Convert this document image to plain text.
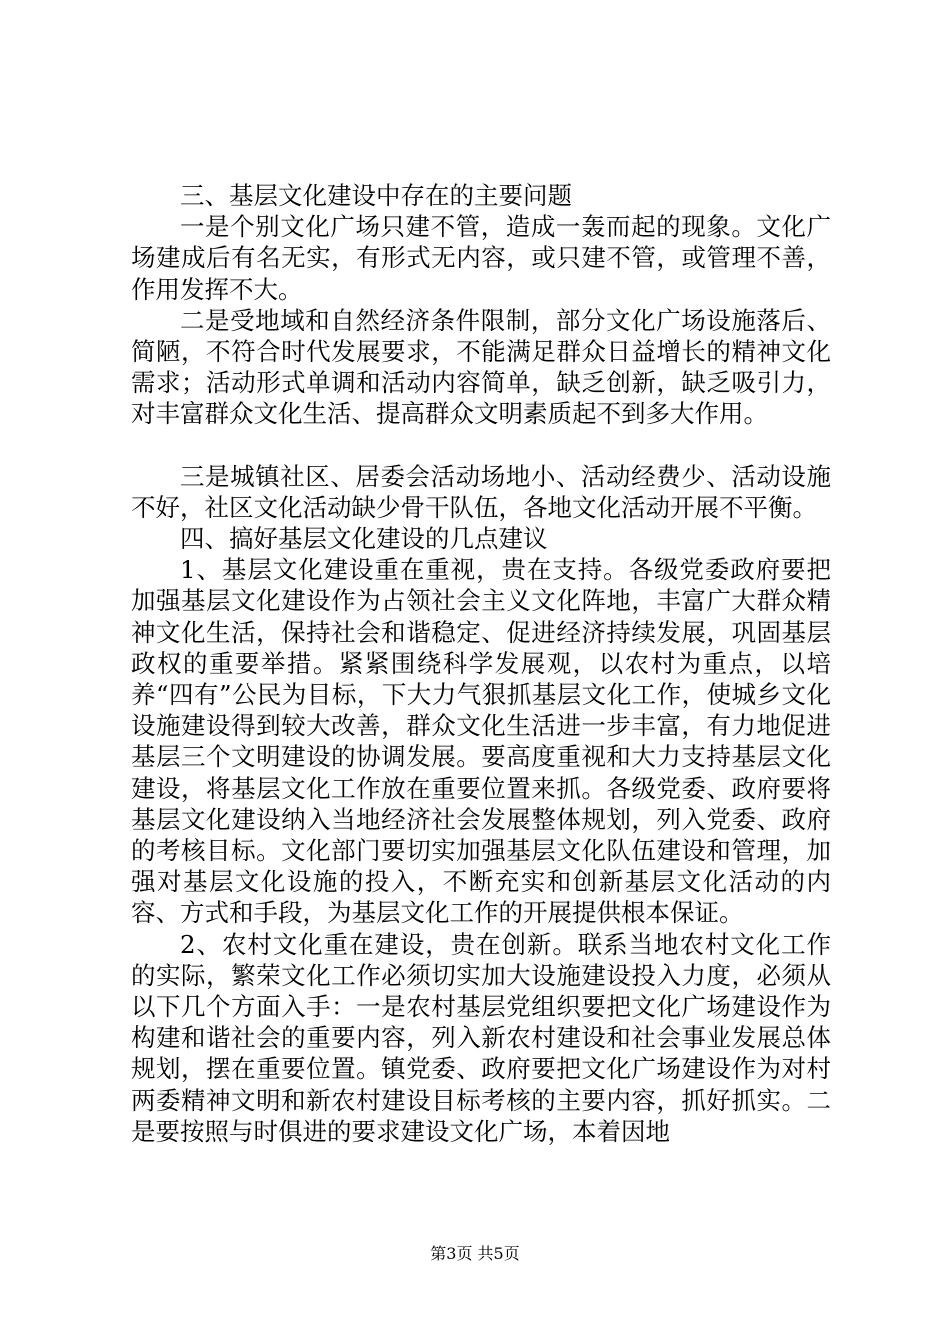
三、基层文化建设中存在的主要问题

一是个别文化广场只建不管，造成一轰而起的现象。文化广场建成后有名无实，有形式无内容，或只建不管，或管理不善，作用发挥不大。

二是受地域和自然经济条件限制，部分文化广场设施落后、简陋，不符合时代发展要求，不能满足群众日益增长的精神文化需求；活动形式单调和活动内容简单，缺乏创新，缺乏吸引力，对丰富群众文化生活、提高群众文明素质起不到多大作用。

三是城镇社区、居委会活动场地小、活动经费少、活动设施不好，社区文化活动缺少骨干队伍，各地文化活动开展不平衡。

四、搞好基层文化建设的几点建议

1、基层文化建设重在重视，贵在支持。各级党委政府要把加强基层文化建设作为占领社会主义文化阵地，丰富广大群众精神文化生活，保持社会和谐稳定、促进经济持续发展，巩固基层政权的重要举措。紧紧围绕科学发展观，以农村为重点，以培养“四有”公民为目标，下大力气狠抓基层文化工作，使城乡文化设施建设得到较大改善，群众文化生活进一步丰富，有力地促进基层三个文明建设的协调发展。要高度重视和大力支持基层文化建设，将基层文化工作放在重要位置来抓。各级党委、政府要将基层文化建设纳入当地经济社会发展整体规划，列入党委、政府的考核目标。文化部门要切实加强基层文化队伍建设和管理，加强对基层文化设施的投入，不断充实和创新基层文化活动的内容、方式和手段，为基层文化工作的开展提供根本保证。

2、农村文化重在建设，贵在创新。联系当地农村文化工作的实际，繁荣文化工作必须切实加大设施建设投入力度，必须从以下几个方面入手：一是农村基层党组织要把文化广场建设作为构建和谐社会的重要内容，列入新农村建设和社会事业发展总体规划，摆在重要位置。镇党委、政府要把文化广场建设作为对村两委精神文明和新农村建设目标考核的主要内容，抓好抓实。二是要按照与时俱进的要求建设文化广场，本着因地

第3页 共5页
